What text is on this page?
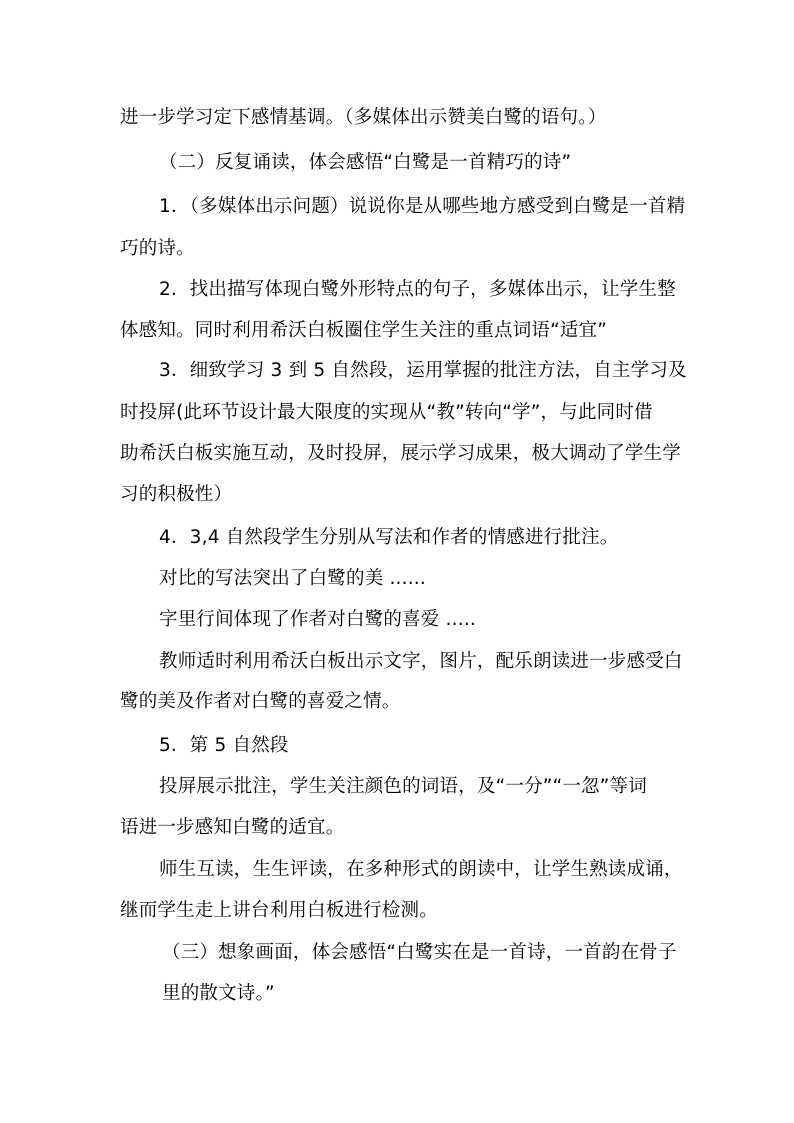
进一步学习定下感情基调。（多媒体出示赞美白鹭的语句。）
（二）反复诵读，体会感悟“白鹭是一首精巧的诗”
1．（多媒体出示问题）说说你是从哪些地方感受到白鹭是一首精
巧的诗。
2．找出描写体现白鹭外形特点的句子，多媒体出示，让学生整
体感知。同时利用希沃白板圈住学生关注的重点词语“适宜”
3．细致学习 3 到 5 自然段，运用掌握的批注方法，自主学习及
时投屏(此环节设计最大限度的实现从“教”转向“学”，与此同时借
助希沃白板实施互动，及时投屏，展示学习成果，极大调动了学生学
习的积极性）
4．3,4 自然段学生分别从写法和作者的情感进行批注。
对比的写法突出了白鹭的美 ......
字里行间体现了作者对白鹭的喜爱 .....
教师适时利用希沃白板出示文字，图片，配乐朗读进一步感受白
鹭的美及作者对白鹭的喜爱之情。
5．第 5 自然段
投屏展示批注，学生关注颜色的词语，及“一分”“一忽”等词
语进一步感知白鹭的适宜。
师生互读，生生评读，在多种形式的朗读中，让学生熟读成诵，
继而学生走上讲台利用白板进行检测。
（三）想象画面，体会感悟“白鹭实在是一首诗，一首韵在骨子
里的散文诗。”
